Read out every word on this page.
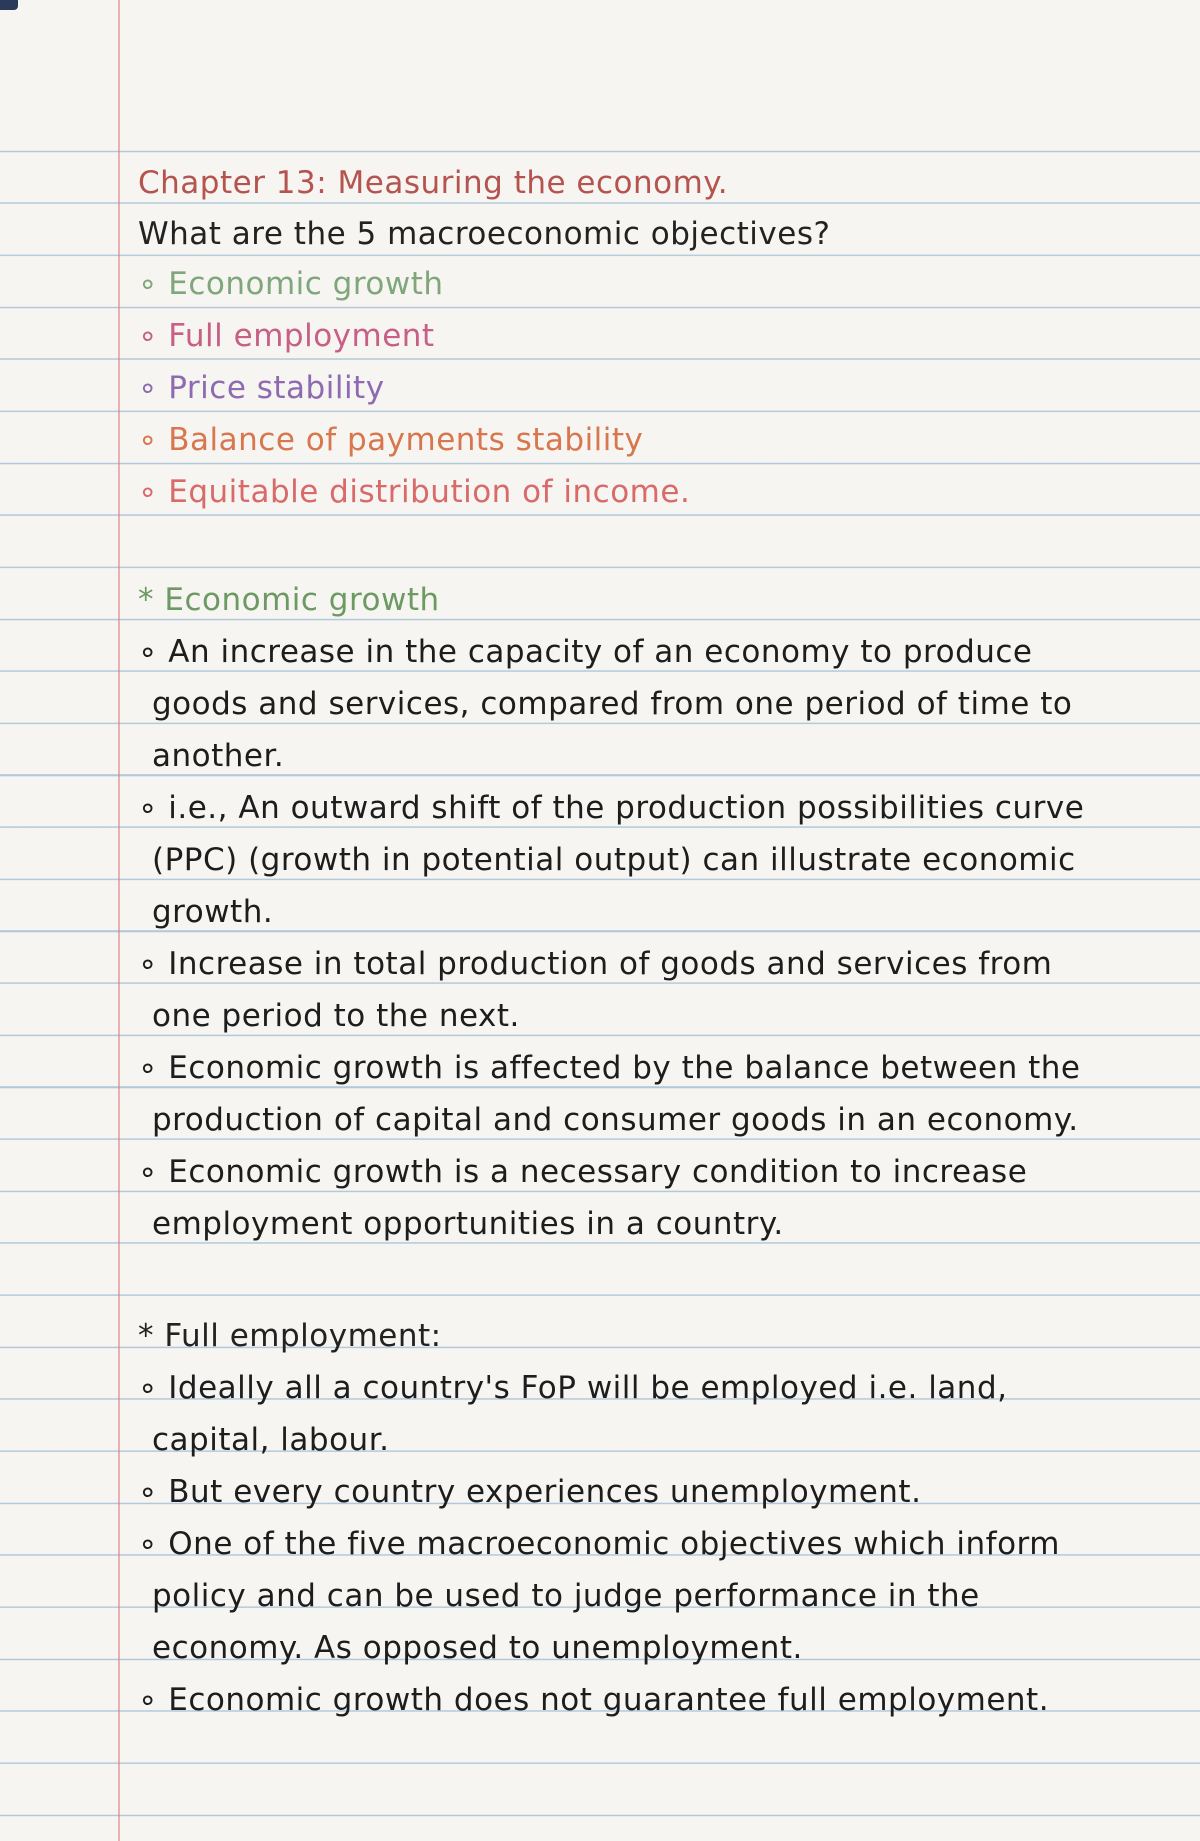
Chapter 13: Measuring the economy.
What are the 5 macroeconomic objectives?
∘ Economic growth
∘ Full employment
∘ Price stability
∘ Balance of payments stability
∘ Equitable distribution of income.
* Economic growth
∘ An increase in the capacity of an economy to produce
goods and services, compared from one period of time to
another.
∘ i.e., An outward shift of the production possibilities curve
(PPC) (growth in potential output) can illustrate economic
growth.
∘ Increase in total production of goods and services from
one period to the next.
∘ Economic growth is affected by the balance between the
production of capital and consumer goods in an economy.
∘ Economic growth is a necessary condition to increase
employment opportunities in a country.
* Full employment:
∘ Ideally all a country's FoP will be employed i.e. land,
capital, labour.
∘ But every country experiences unemployment.
∘ One of the five macroeconomic objectives which inform
policy and can be used to judge performance in the
economy. As opposed to unemployment.
∘ Economic growth does not guarantee full employment.
